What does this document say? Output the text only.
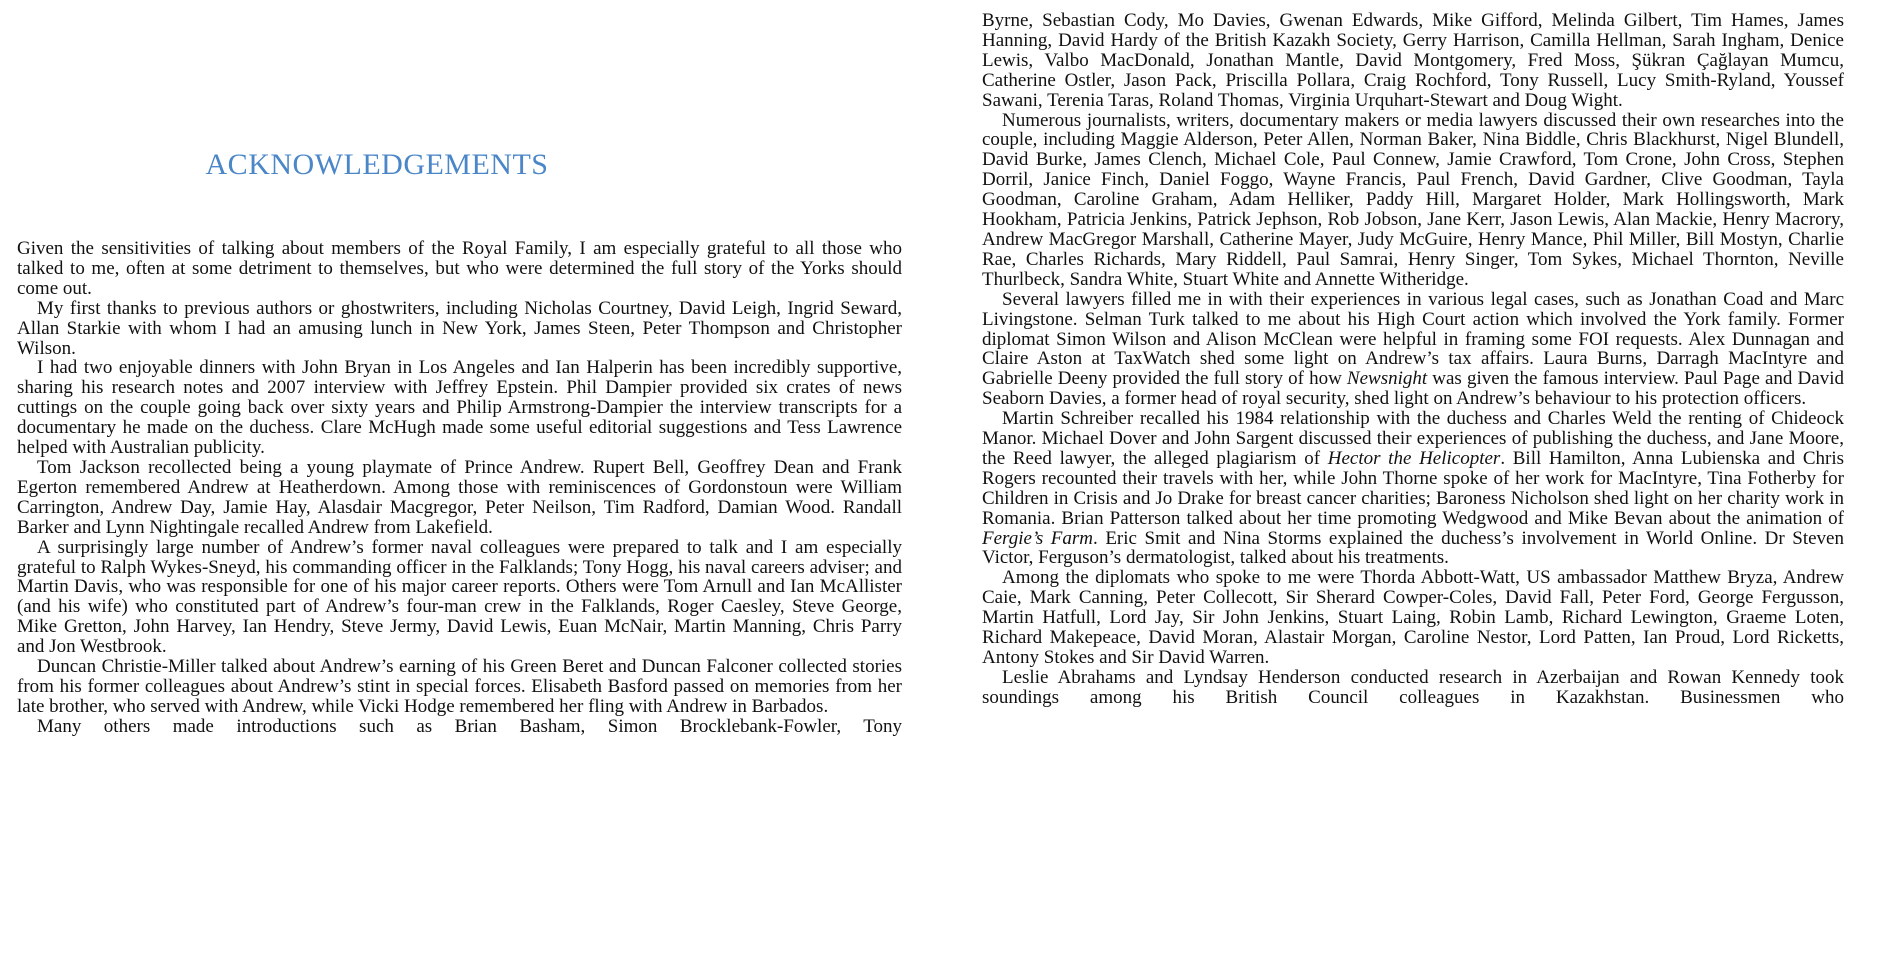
ACKNOWLEDGEMENTS

Given the sensitivities of talking about members of the Royal Family, I am especially grateful to all those who talked to me, often at some detriment to themselves, but who were determined the full story of the Yorks should come out.

My first thanks to previous authors or ghostwriters, including Nicholas Courtney, David Leigh, Ingrid Seward, Allan Starkie with whom I had an amusing lunch in New York, James Steen, Peter Thompson and Christopher Wilson.

I had two enjoyable dinners with John Bryan in Los Angeles and Ian Halperin has been incredibly supportive, sharing his research notes and 2007 interview with Jeffrey Epstein. Phil Dampier provided six crates of news cuttings on the couple going back over sixty years and Philip Armstrong-Dampier the interview transcripts for a documentary he made on the duchess. Clare McHugh made some useful editorial suggestions and Tess Lawrence helped with Australian publicity.

Tom Jackson recollected being a young playmate of Prince Andrew. Rupert Bell, Geoffrey Dean and Frank Egerton remembered Andrew at Heatherdown. Among those with reminiscences of Gordonstoun were William Carrington, Andrew Day, Jamie Hay, Alasdair Macgregor, Peter Neilson, Tim Radford, Damian Wood. Randall Barker and Lynn Nightingale recalled Andrew from Lakefield.

A surprisingly large number of Andrew’s former naval colleagues were prepared to talk and I am especially grateful to Ralph Wykes-Sneyd, his commanding officer in the Falklands; Tony Hogg, his naval careers adviser; and Martin Davis, who was responsible for one of his major career reports. Others were Tom Arnull and Ian McAllister (and his wife) who constituted part of Andrew’s four-man crew in the Falklands, Roger Caesley, Steve George, Mike Gretton, John Harvey, Ian Hendry, Steve Jermy, David Lewis, Euan McNair, Martin Manning, Chris Parry and Jon Westbrook.

Duncan Christie-Miller talked about Andrew’s earning of his Green Beret and Duncan Falconer collected stories from his former colleagues about Andrew’s stint in special forces. Elisabeth Basford passed on memories from her late brother, who served with Andrew, while Vicki Hodge remembered her fling with Andrew in Barbados.

Many others made introductions such as Brian Basham, Simon Brocklebank-Fowler, Tony

Byrne, Sebastian Cody, Mo Davies, Gwenan Edwards, Mike Gifford, Melinda Gilbert, Tim Hames, James Hanning, David Hardy of the British Kazakh Society, Gerry Harrison, Camilla Hellman, Sarah Ingham, Denice Lewis, Valbo MacDonald, Jonathan Mantle, David Montgomery, Fred Moss, Şükran Çağlayan Mumcu, Catherine Ostler, Jason Pack, Priscilla Pollara, Craig Rochford, Tony Russell, Lucy Smith-Ryland, Youssef Sawani, Terenia Taras, Roland Thomas, Virginia Urquhart-Stewart and Doug Wight.

Numerous journalists, writers, documentary makers or media lawyers discussed their own researches into the couple, including Maggie Alderson, Peter Allen, Norman Baker, Nina Biddle, Chris Blackhurst, Nigel Blundell, David Burke, James Clench, Michael Cole, Paul Connew, Jamie Crawford, Tom Crone, John Cross, Stephen Dorril, Janice Finch, Daniel Foggo, Wayne Francis, Paul French, David Gardner, Clive Goodman, Tayla Goodman, Caroline Graham, Adam Helliker, Paddy Hill, Margaret Holder, Mark Hollingsworth, Mark Hookham, Patricia Jenkins, Patrick Jephson, Rob Jobson, Jane Kerr, Jason Lewis, Alan Mackie, Henry Macrory, Andrew MacGregor Marshall, Catherine Mayer, Judy McGuire, Henry Mance, Phil Miller, Bill Mostyn, Charlie Rae, Charles Richards, Mary Riddell, Paul Samrai, Henry Singer, Tom Sykes, Michael Thornton, Neville Thurlbeck, Sandra White, Stuart White and Annette Witheridge.

Several lawyers filled me in with their experiences in various legal cases, such as Jonathan Coad and Marc Livingstone. Selman Turk talked to me about his High Court action which involved the York family. Former diplomat Simon Wilson and Alison McClean were helpful in framing some FOI requests. Alex Dunnagan and Claire Aston at TaxWatch shed some light on Andrew’s tax affairs. Laura Burns, Darragh MacIntyre and Gabrielle Deeny provided the full story of how Newsnight was given the famous interview. Paul Page and David Seaborn Davies, a former head of royal security, shed light on Andrew’s behaviour to his protection officers.

Martin Schreiber recalled his 1984 relationship with the duchess and Charles Weld the renting of Chideock Manor. Michael Dover and John Sargent discussed their experiences of publishing the duchess, and Jane Moore, the Reed lawyer, the alleged plagiarism of Hector the Helicopter. Bill Hamilton, Anna Lubienska and Chris Rogers recounted their travels with her, while John Thorne spoke of her work for MacIntyre, Tina Fotherby for Children in Crisis and Jo Drake for breast cancer charities; Baroness Nicholson shed light on her charity work in Romania. Brian Patterson talked about her time promoting Wedgwood and Mike Bevan about the animation of Fergie’s Farm. Eric Smit and Nina Storms explained the duchess’s involvement in World Online. Dr Steven Victor, Ferguson’s dermatologist, talked about his treatments.

Among the diplomats who spoke to me were Thorda Abbott-Watt, US ambassador Matthew Bryza, Andrew Caie, Mark Canning, Peter Collecott, Sir Sherard Cowper-Coles, David Fall, Peter Ford, George Fergusson, Martin Hatfull, Lord Jay, Sir John Jenkins, Stuart Laing, Robin Lamb, Richard Lewington, Graeme Loten, Richard Makepeace, David Moran, Alastair Morgan, Caroline Nestor, Lord Patten, Ian Proud, Lord Ricketts, Antony Stokes and Sir David Warren.

Leslie Abrahams and Lyndsay Henderson conducted research in Azerbaijan and Rowan Kennedy took soundings among his British Council colleagues in Kazakhstan. Businessmen who
